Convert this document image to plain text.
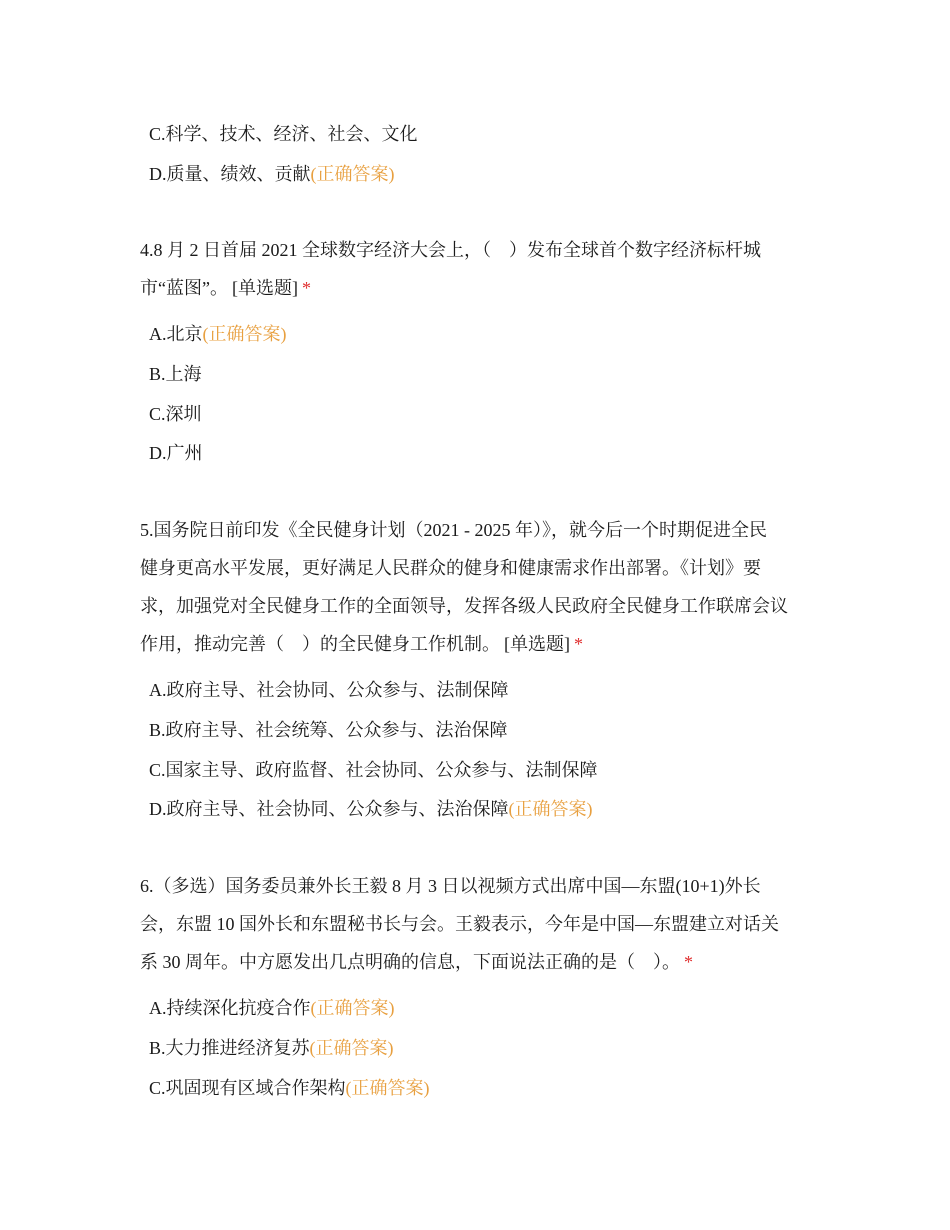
C.科学、技术、经济、社会、文化
D.质量、绩效、贡献(正确答案)
4.8 月 2 日首届 2021 全球数字经济大会上，（　）发布全球首个数字经济标杆城
市“蓝图”。 [单选题] *
A.北京(正确答案)
B.上海
C.深圳
D.广州
5.国务院日前印发《全民健身计划（2021 - 2025 年）》，就今后一个时期促进全民
健身更高水平发展，更好满足人民群众的健身和健康需求作出部署。《计划》要
求，加强党对全民健身工作的全面领导，发挥各级人民政府全民健身工作联席会议
作用，推动完善（　）的全民健身工作机制。 [单选题] *
A.政府主导、社会协同、公众参与、法制保障
B.政府主导、社会统筹、公众参与、法治保障
C.国家主导、政府监督、社会协同、公众参与、法制保障
D.政府主导、社会协同、公众参与、法治保障(正确答案)
6.（多选）国务委员兼外长王毅 8 月 3 日以视频方式出席中国—东盟(10+1)外长
会，东盟 10 国外长和东盟秘书长与会。王毅表示，今年是中国—东盟建立对话关
系 30 周年。中方愿发出几点明确的信息，下面说法正确的是（　）。 *
A.持续深化抗疫合作(正确答案)
B.大力推进经济复苏(正确答案)
C.巩固现有区域合作架构(正确答案)
